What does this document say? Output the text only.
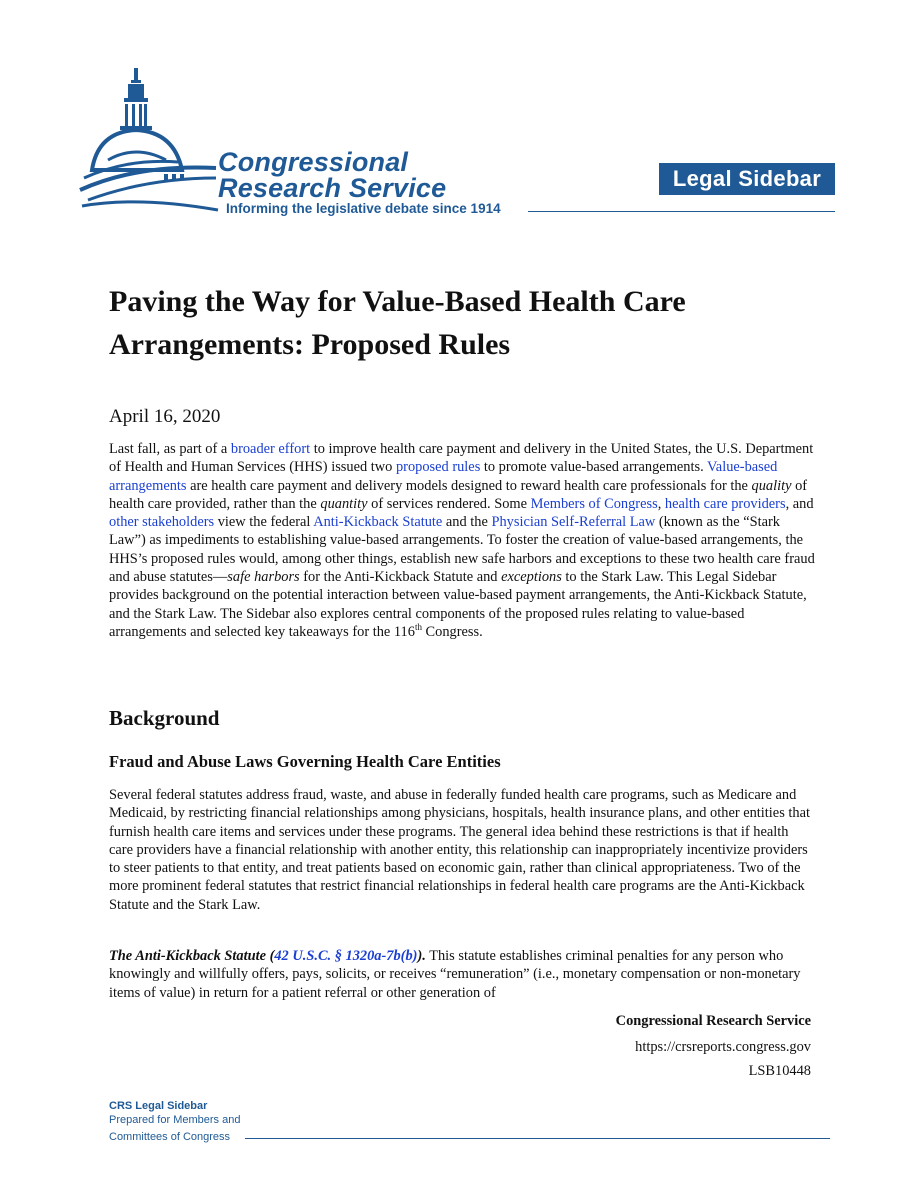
Congressional
Research Service
Informing the legislative debate since 1914
Legal Sidebar
Paving the Way for Value-Based Health Care Arrangements: Proposed Rules
April 16, 2020

Last fall, as part of a broader effort to improve health care payment and delivery in the United States, the U.S. Department of Health and Human Services (HHS) issued two proposed rules to promote value-based arrangements. Value-based arrangements are health care payment and delivery models designed to reward health care professionals for the quality of health care provided, rather than the quantity of services rendered. Some Members of Congress, health care providers, and other stakeholders view the federal Anti-Kickback Statute and the Physician Self-Referral Law (known as the “Stark Law”) as impediments to establishing value-based arrangements. To foster the creation of value-based arrangements, the HHS’s proposed rules would, among other things, establish new safe harbors and exceptions to these two health care fraud and abuse statutes—safe harbors for the Anti-Kickback Statute and exceptions to the Stark Law. This Legal Sidebar provides background on the potential interaction between value-based payment arrangements, the Anti-Kickback Statute, and the Stark Law. The Sidebar also explores central components of the proposed rules relating to value-based arrangements and selected key takeaways for the 116th Congress.

Background
Fraud and Abuse Laws Governing Health Care Entities

Several federal statutes address fraud, waste, and abuse in federally funded health care programs, such as Medicare and Medicaid, by restricting financial relationships among physicians, hospitals, health insurance plans, and other entities that furnish health care items and services under these programs. The general idea behind these restrictions is that if health care providers have a financial relationship with another entity, this relationship can inappropriately incentivize providers to steer patients to that entity, and treat patients based on economic gain, rather than clinical appropriateness. Two of the more prominent federal statutes that restrict financial relationships in federal health care programs are the Anti-Kickback Statute and the Stark Law.

The Anti-Kickback Statute (42 U.S.C. § 1320a-7b(b)). This statute establishes criminal penalties for any person who knowingly and willfully offers, pays, solicits, or receives “remuneration” (i.e., monetary compensation or non-monetary items of value) in return for a patient referral or other generation of

Congressional Research Service
https://crsreports.congress.gov
LSB10448
CRS Legal Sidebar
Prepared for Members and
Committees of Congress
